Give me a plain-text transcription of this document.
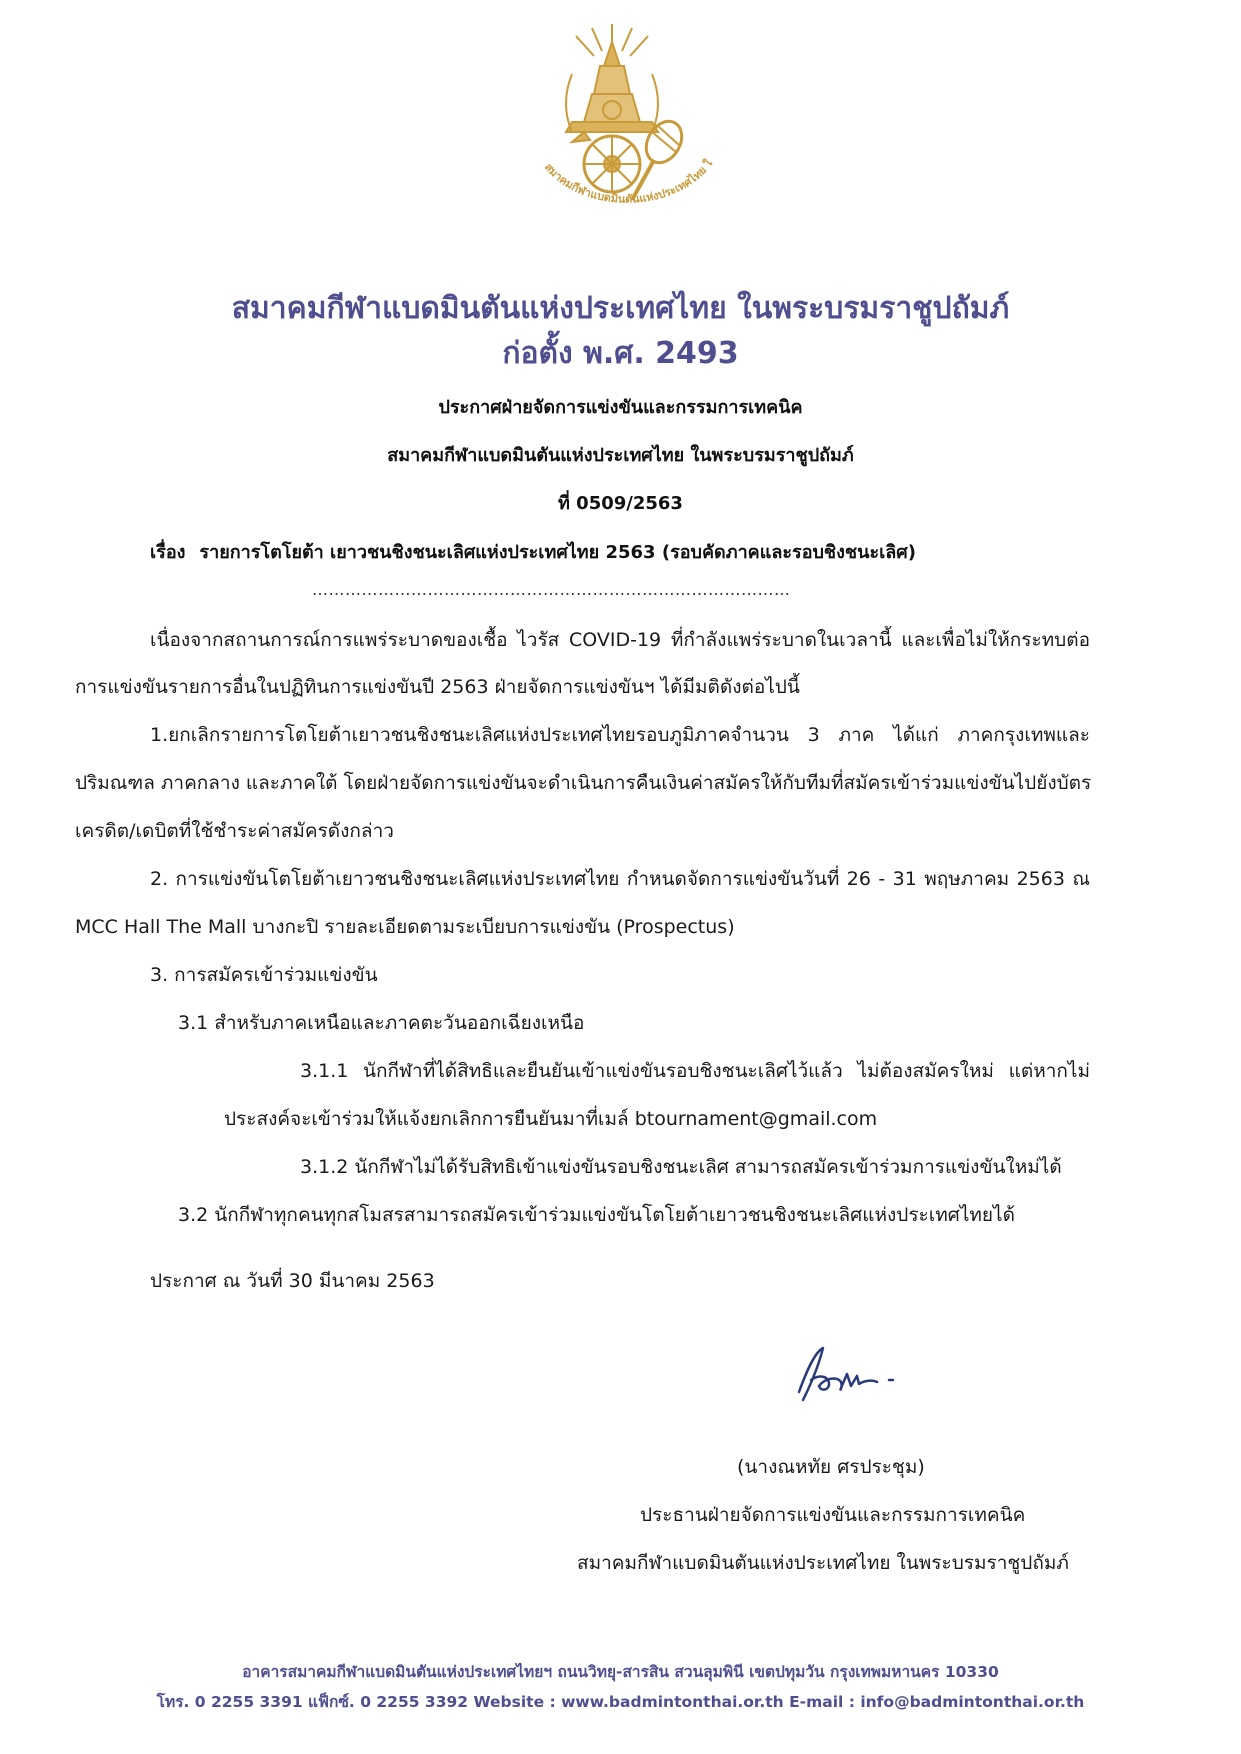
สมาคมกีฬาแบดมินตันแห่งประเทศไทย ใ
สมาคมกีฬาแบดมินตันแห่งประเทศไทย ในพระบรมราชูปถัมภ์
ก่อตั้ง พ.ศ. 2493
ประกาศฝ่ายจัดการแข่งขันและกรรมการเทคนิค
สมาคมกีฬาแบดมินตันแห่งประเทศไทย ในพระบรมราชูปถัมภ์
ที่ 0509/2563
เรื่อง รายการโตโยต้า เยาวชนชิงชนะเลิศแห่งประเทศไทย 2563 (รอบคัดภาคและรอบชิงชนะเลิศ)
……………………………………………………………………………
เนื่องจากสถานการณ์การแพร่ระบาดของเชื้อ ไวรัส COVID-19 ที่กำลังแพร่ระบาดในเวลานี้ และเพื่อไม่ให้กระทบต่อ
การแข่งขันรายการอื่นในปฏิทินการแข่งขันปี 2563 ฝ่ายจัดการแข่งขันฯ ได้มีมติดังต่อไปนี้
1.ยกเลิกรายการโตโยต้าเยาวชนชิงชนะเลิศแห่งประเทศไทยรอบภูมิภาคจำนวน 3 ภาค ได้แก่ ภาคกรุงเทพและ
ปริมณฑล ภาคกลาง และภาคใต้ โดยฝ่ายจัดการแข่งขันจะดำเนินการคืนเงินค่าสมัครให้กับทีมที่สมัครเข้าร่วมแข่งขันไปยังบัตร
เครดิต/เดบิตที่ใช้ชำระค่าสมัครดังกล่าว
2. การแข่งขันโตโยต้าเยาวชนชิงชนะเลิศแห่งประเทศไทย กำหนดจัดการแข่งขันวันที่ 26 - 31 พฤษภาคม 2563 ณ
MCC Hall The Mall บางกะปิ รายละเอียดตามระเบียบการแข่งขัน (Prospectus)
3. การสมัครเข้าร่วมแข่งขัน
3.1 สำหรับภาคเหนือและภาคตะวันออกเฉียงเหนือ
3.1.1 นักกีฬาที่ได้สิทธิและยืนยันเข้าแข่งขันรอบชิงชนะเลิศไว้แล้ว ไม่ต้องสมัครใหม่ แต่หากไม่
ประสงค์จะเข้าร่วมให้แจ้งยกเลิกการยืนยันมาที่เมล์ btournament@gmail.com
3.1.2 นักกีฬาไม่ได้รับสิทธิเข้าแข่งขันรอบชิงชนะเลิศ สามารถสมัครเข้าร่วมการแข่งขันใหม่ได้
3.2 นักกีฬาทุกคนทุกสโมสรสามารถสมัครเข้าร่วมแข่งขันโตโยต้าเยาวชนชิงชนะเลิศแห่งประเทศไทยได้
ประกาศ ณ วันที่ 30 มีนาคม 2563
(นางณหทัย ศรประชุม)
ประธานฝ่ายจัดการแข่งขันและกรรมการเทคนิค
สมาคมกีฬาแบดมินตันแห่งประเทศไทย ในพระบรมราชูปถัมภ์
อาคารสมาคมกีฬาแบดมินตันแห่งประเทศไทยฯ ถนนวิทยุ-สารสิน สวนลุมพินี เขตปทุมวัน กรุงเทพมหานคร 10330
โทร. 0 2255 3391 แฟ็กซ์. 0 2255 3392 Website : www.badmintonthai.or.th E-mail : info@badmintonthai.or.th
